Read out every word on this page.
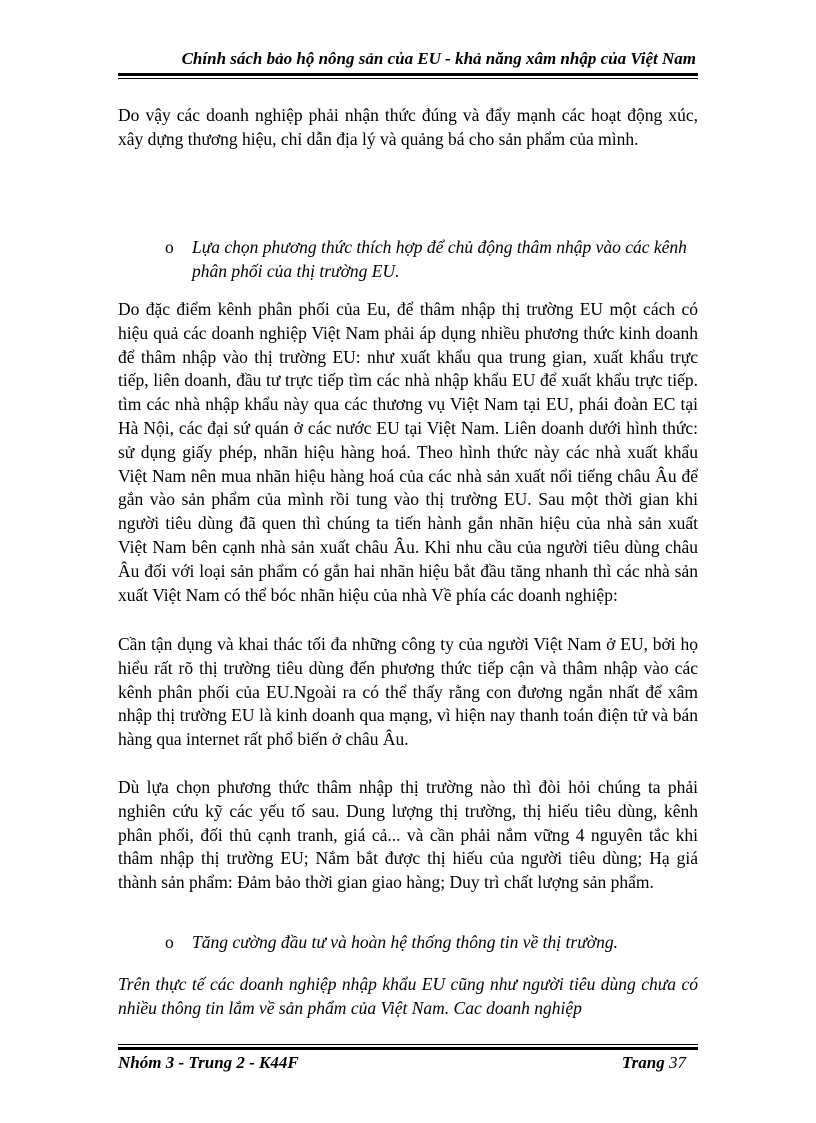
Chính sách bảo hộ nông sản của EU - khả năng xâm nhập của Việt Nam

Do vậy các doanh nghiệp phải nhận thức đúng và đẩy mạnh các hoạt động xúc, xây dựng thương hiệu, chỉ dẫn địa lý và quảng bá cho sản phẩm của mình.

o	Lựa chọn phương thức thích hợp để chủ động thâm nhập vào các kênh phân phối của thị trường EU.

Do đặc điểm kênh phân phối của Eu, để thâm nhập thị trường EU một cách có hiệu quả các doanh nghiệp Việt Nam phải áp dụng nhiều phương thức kinh doanh để thâm nhập vào thị trường EU: như xuất khẩu qua trung gian, xuất khẩu trực tiếp, liên doanh, đầu tư trực tiếp tìm các nhà nhập khẩu EU để xuất khẩu trực tiếp. tìm các nhà nhập khẩu này qua các thương vụ Việt Nam tại EU, phái đoàn EC tại Hà Nội, các đại sứ quán ở các nước EU tại Việt Nam. Liên doanh dưới hình thức: sử dụng giấy phép, nhãn hiệu hàng hoá. Theo hình thức này các nhà xuất khẩu Việt Nam nên mua nhãn hiệu hàng hoá của các nhà sản xuất nổi tiếng châu Âu để gắn vào sản phẩm của mình rồi tung vào thị trường EU. Sau một thời gian khi người tiêu dùng đã quen thì chúng ta tiến hành gắn nhãn hiệu của nhà sản xuất Việt Nam bên cạnh nhà sản xuất châu Âu. Khi nhu cầu của người tiêu dùng châu Âu đối với loại sản phẩm có gắn hai nhãn hiệu bắt đầu tăng nhanh thì các nhà sản xuất Việt Nam có thể bóc nhãn hiệu của nhà Về phía các doanh nghiệp:

Cần tận dụng và khai thác tối đa những công ty của người Việt Nam ở EU, bởi họ hiểu rất rõ thị trường tiêu dùng đến phương thức tiếp cận và thâm nhập vào các kênh phân phối của EU.Ngoài ra có thể thấy rằng con đương ngắn nhất để xâm nhập thị trường EU là kinh doanh qua mạng, vì hiện nay thanh toán điện tử và bán hàng qua internet rất phổ biến ở châu Âu.

Dù lựa chọn phương thức thâm nhập thị trường nào thì đòi hỏi chúng ta phải nghiên cứu kỹ các yếu tố sau. Dung lượng thị trường, thị hiếu tiêu dùng, kênh phân phối, đối thủ cạnh tranh, giá cả... và cần phải nắm vững 4 nguyên tắc khi thâm nhập thị trường EU; Nắm bắt được thị hiếu của người tiêu dùng; Hạ giá thành sản phẩm: Đảm bảo thời gian giao hàng; Duy trì chất lượng sản phẩm.

o	Tăng cường đầu tư và hoàn hệ thống thông tin về thị trường.

Trên thực tế các doanh nghiệp nhập khẩu EU cũng như người tiêu dùng chưa có nhiều thông tin lắm về sản phẩm của Việt Nam. Cac doanh nghiệp

Nhóm 3 - Trung 2 - K44F	Trang 37
